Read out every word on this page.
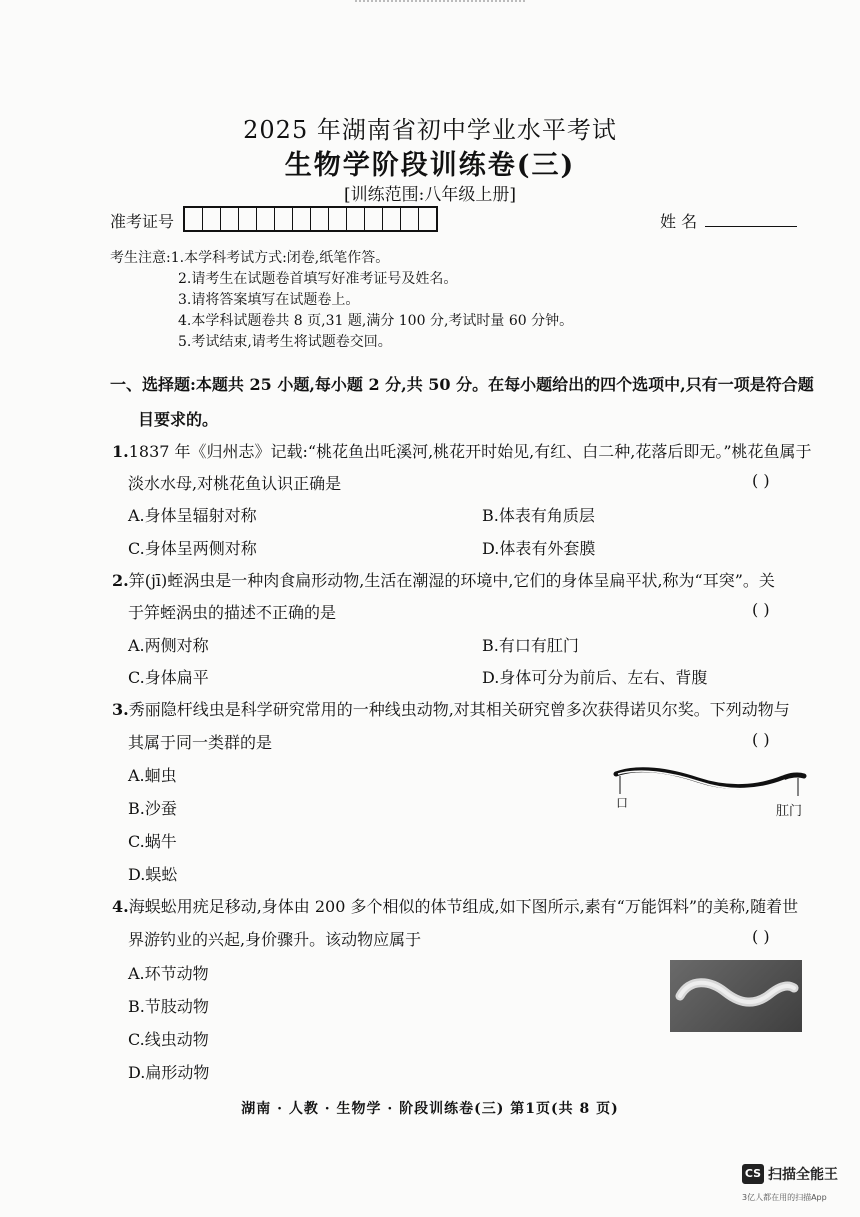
2025 年湖南省初中学业水平考试
生物学阶段训练卷(三)
[训练范围:八年级上册]
准考证号	姓 名
考生注意:1.本学科考试方式:闭卷,纸笔作答。
2.请考生在试题卷首填写好准考证号及姓名。
3.请将答案填写在试题卷上。
4.本学科试题卷共 8 页,31 题,满分 100 分,考试时量 60 分钟。
5.考试结束,请考生将试题卷交回。
一、选择题:本题共 25 小题,每小题 2 分,共 50 分。在每小题给出的四个选项中,只有一项是符合题
目要求的。
1.1837 年《归州志》记载:“桃花鱼出吒溪河,桃花开时始见,有红、白二种,花落后即无。”桃花鱼属于
淡水水母,对桃花鱼认识正确是	( )
A.身体呈辐射对称	B.体表有角质层
C.身体呈两侧对称	D.体表有外套膜
2.笄(jī)蛭涡虫是一种肉食扁形动物,生活在潮湿的环境中,它们的身体呈扁平状,称为“耳突”。关
于笄蛭涡虫的描述不正确的是	( )
A.两侧对称	B.有口有肛门
C.身体扁平	D.身体可分为前后、左右、背腹
3.秀丽隐杆线虫是科学研究常用的一种线虫动物,对其相关研究曾多次获得诺贝尔奖。下列动物与
其属于同一类群的是	( )
A.蛔虫
B.沙蚕
C.蜗牛
D.蜈蚣
口
肛门
4.海蜈蚣用疣足移动,身体由 200 多个相似的体节组成,如下图所示,素有“万能饵料”的美称,随着世
界游钓业的兴起,身价骤升。该动物应属于	( )
A.环节动物
B.节肢动物
C.线虫动物
D.扁形动物
湖南 · 人教 · 生物学 · 阶段训练卷(三) 第1页(共 8 页)
CS 扫描全能王
3亿人都在用的扫描App
